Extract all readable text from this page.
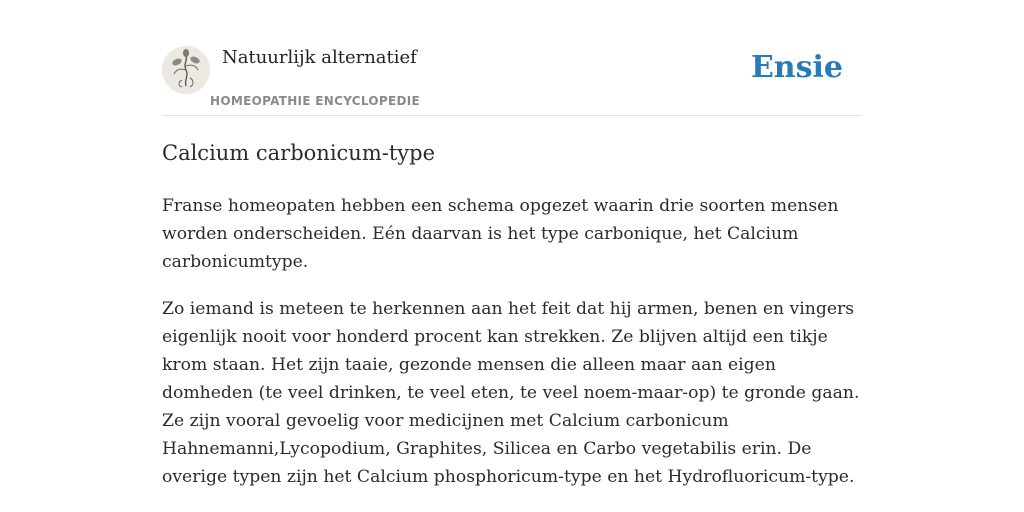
Natuurlijk alternatief
HOMEOPATHIE ENCYCLOPEDIE
Ensie
Calcium carbonicum-type

Franse homeopaten hebben een schema opgezet waarin drie soorten mensen worden onderscheiden. Eén daarvan is het type carbonique, het Calcium carbonicumtype.

Zo iemand is meteen te herkennen aan het feit dat hij armen, benen en vingers eigenlijk nooit voor honderd procent kan strekken. Ze blijven altijd een tikje krom staan. Het zijn taaie, gezonde mensen die alleen maar aan eigen domheden (te veel drinken, te veel eten, te veel noem-maar-op) te gronde gaan. Ze zijn vooral gevoelig voor medicijnen met Calcium carbonicum Hahnemanni,Lycopodium, Graphites, Silicea en Carbo vegetabilis erin. De overige typen zijn het Calcium phosphoricum-type en het Hydrofluoricum-type.
